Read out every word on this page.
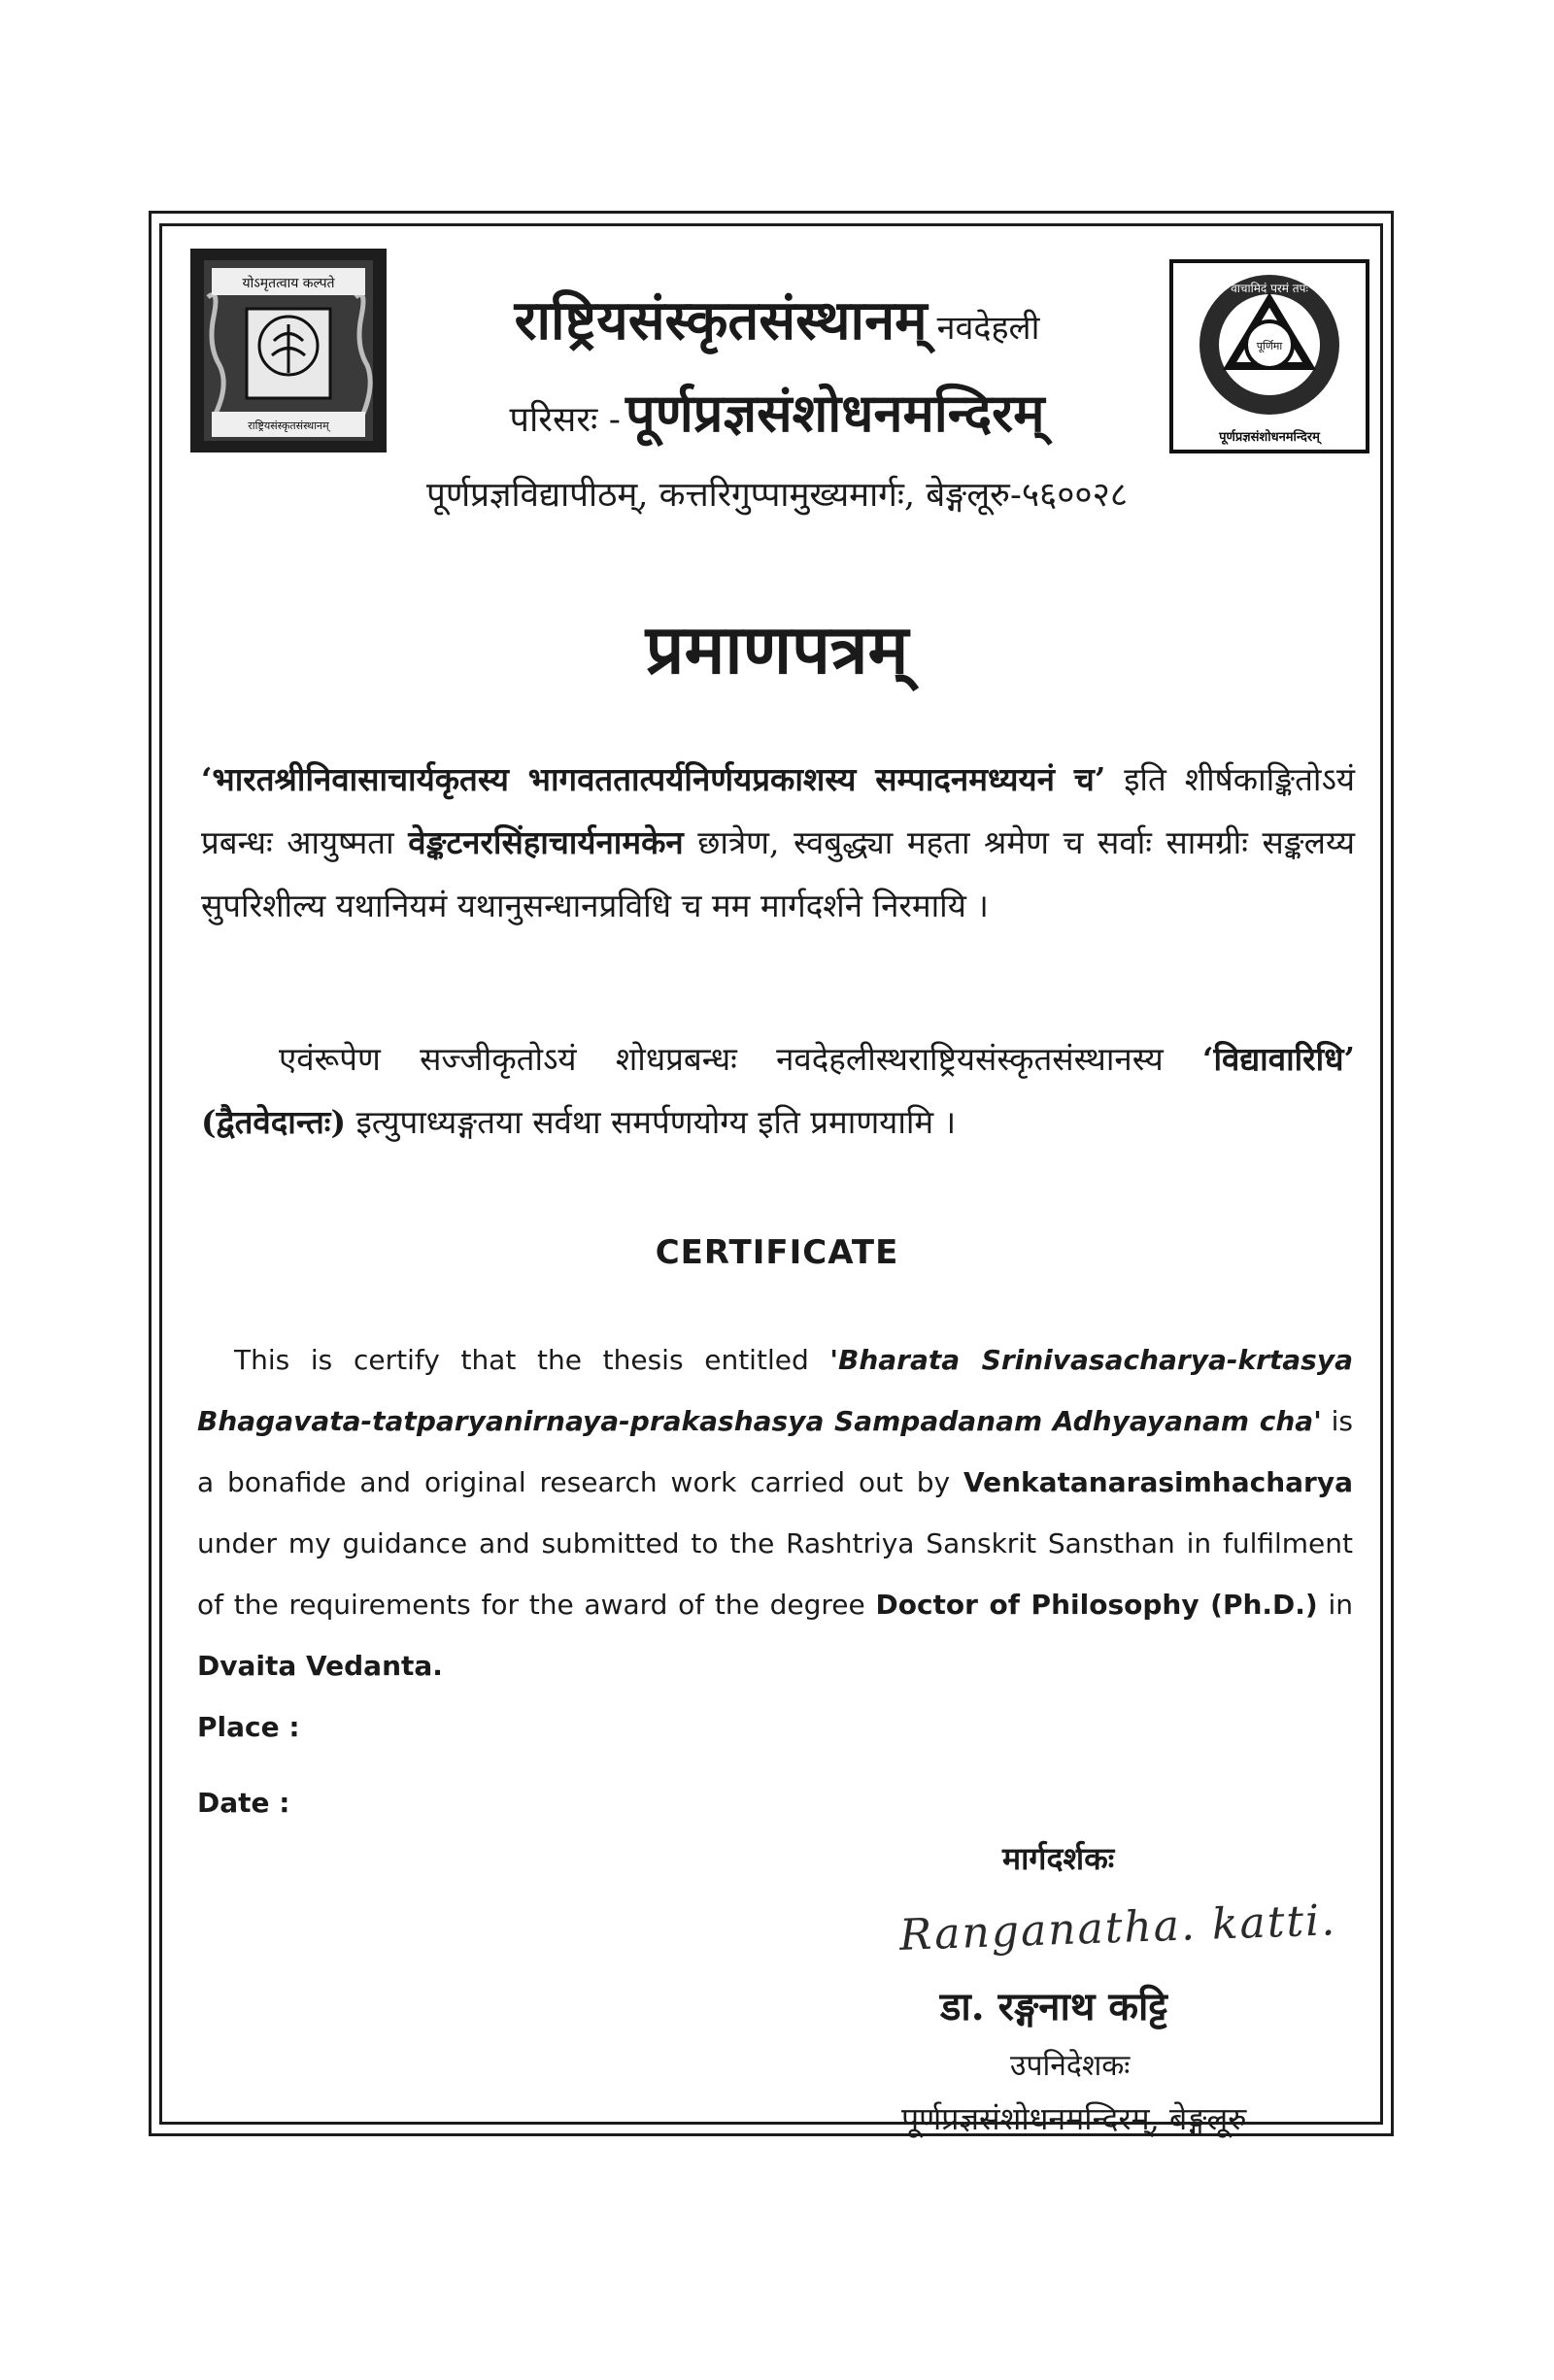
योऽमृतत्वाय कल्पते
राष्ट्रियसंस्कृतसंस्थानम्
वाचामिदं परमं तपः
पूर्णिमा
पूर्णप्रज्ञसंशोधनमन्दिरम्
राष्ट्रियसंस्कृतसंस्थानम् नवदेहली
परिसरः - पूर्णप्रज्ञसंशोधनमन्दिरम्
पूर्णप्रज्ञविद्यापीठम्, कत्तरिगुप्पामुख्यमार्गः, बेङ्गलूरु-५६००२८
प्रमाणपत्रम्
‘भारतश्रीनिवासाचार्यकृतस्य भागवततात्पर्यनिर्णयप्रकाशस्य सम्पादनमध्ययनं च’ इति शीर्षकाङ्कितोऽयं प्रबन्धः आयुष्मता वेङ्कटनरसिंहाचार्यनामकेन छात्रेण, स्वबुद्ध्या महता श्रमेण च सर्वाः सामग्रीः सङ्कलय्य सुपरिशील्य यथानियमं यथानुसन्धानप्रविधि च मम मार्गदर्शने निरमायि ।
एवंरूपेण सज्जीकृतोऽयं शोधप्रबन्धः नवदेहलीस्थराष्ट्रियसंस्कृतसंस्थानस्य ‘विद्यावारिधि’ (द्वैतवेदान्तः) इत्युपाध्यङ्गतया सर्वथा समर्पणयोग्य इति प्रमाणयामि ।
CERTIFICATE
This is certify that the thesis entitled 'Bharata Srinivasacharya-krtasya Bhagavata-tatparyanirnaya-prakashasya Sampadanam Adhyayanam cha' is a bonafide and original research work carried out by Venkatanarasimhacharya under my guidance and submitted to the Rashtriya Sanskrit Sansthan in fulfilment of the requirements for the award of the degree Doctor of Philosophy (Ph.D.) in Dvaita Vedanta.
Place :
Date :
मार्गदर्शकः
Ranganatha. katti.
डा. रङ्गनाथ कट्टि
उपनिदेशकः
पूर्णप्रज्ञसंशोधनमन्दिरम्, बेङ्गलूरु
